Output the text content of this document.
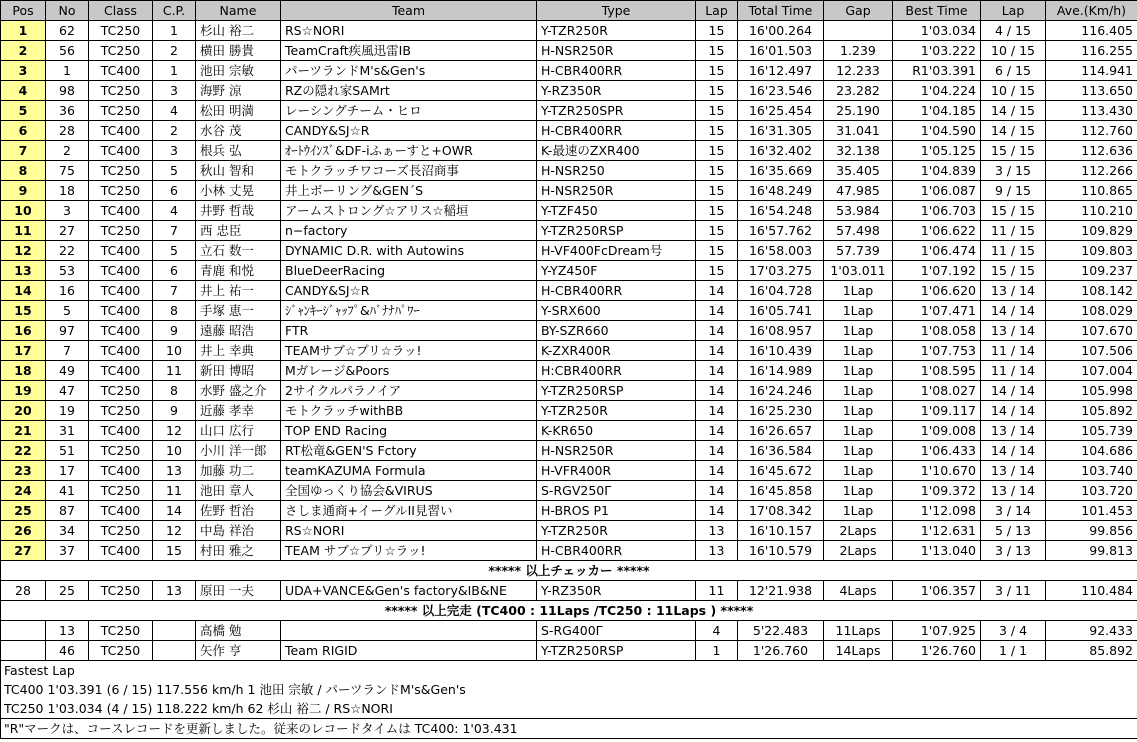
Pos	No	Class	C.P.	Name	Team	Type	Lap	Total Time	Gap	Best Time	Lap	Ave.(Km/h)
1	62	TC250	1	杉山 裕二	RS☆NORI	Y-TZR250R	15	16'00.264		1'03.034	4 / 15	116.405
2	56	TC250	2	横田 勝貴	TeamCraft疾風迅雷IB	H-NSR250R	15	16'01.503	1.239	1'03.222	10 / 15	116.255
3	1	TC400	1	池田 宗敏	パーツランドM's&Gen's	H-CBR400RR	15	16'12.497	12.233	R1'03.391	6 / 15	114.941
4	98	TC250	3	海野 涼	RZの隠れ家SAMrt	Y-RZ350R	15	16'23.546	23.282	1'04.224	10 / 15	113.650
5	36	TC250	4	松田 明満	レーシングチーム・ヒロ	Y-TZR250SPR	15	16'25.454	25.190	1'04.185	14 / 15	113.430
6	28	TC400	2	水谷 茂	CANDY&SJ☆R	H-CBR400RR	15	16'31.305	31.041	1'04.590	14 / 15	112.760
7	2	TC400	3	根兵 弘	ｵｰﾄｳｲﾝｽﾞ&DF-iふぁーすと+OWR	K-最速のZXR400	15	16'32.402	32.138	1'05.125	15 / 15	112.636
8	75	TC250	5	秋山 智和	モトクラッチワコーズ長沼商事	H-NSR250	15	16'35.669	35.405	1'04.839	3 / 15	112.266
9	18	TC250	6	小林 丈晃	井上ボーリング&GEN´S	H-NSR250R	15	16'48.249	47.985	1'06.087	9 / 15	110.865
10	3	TC400	4	井野 哲哉	アームストロング☆アリス☆稲垣	Y-TZF450	15	16'54.248	53.984	1'06.703	15 / 15	110.210
11	27	TC250	7	西 忠臣	n−factory	Y-TZR250RSP	15	16'57.762	57.498	1'06.622	11 / 15	109.829
12	22	TC400	5	立石 数一	DYNAMIC D.R. with Autowins	H-VF400FcDream号	15	16'58.003	57.739	1'06.474	11 / 15	109.803
13	53	TC400	6	青鹿 和悦	BlueDeerRacing	Y-YZ450F	15	17'03.275	1'03.011	1'07.192	15 / 15	109.237
14	16	TC400	7	井上 祐一	CANDY&SJ☆R	H-CBR400RR	14	16'04.728	1Lap	1'06.620	13 / 14	108.142
15	5	TC400	8	手塚 恵一	ｼﾞｬﾝｷｰｼﾞｬｯﾌﾟ&ﾊﾞﾅﾅﾊﾟﾜｰ	Y-SRX600	14	16'05.741	1Lap	1'07.471	14 / 14	108.029
16	97	TC400	9	遠藤 昭浩	FTR	BY-SZR660	14	16'08.957	1Lap	1'08.058	13 / 14	107.670
17	7	TC400	10	井上 幸典	TEAMサブ☆プリ☆ラッ!	K-ZXR400R	14	16'10.439	1Lap	1'07.753	11 / 14	107.506
18	49	TC400	11	新田 博昭	Mガレージ&Poors	H:CBR400RR	14	16'14.989	1Lap	1'08.595	11 / 14	107.004
19	47	TC250	8	水野 盛之介	2サイクルパラノイア	Y-TZR250RSP	14	16'24.246	1Lap	1'08.027	14 / 14	105.998
20	19	TC250	9	近藤 孝幸	モトクラッチwithBB	Y-TZR250R	14	16'25.230	1Lap	1'09.117	14 / 14	105.892
21	31	TC400	12	山口 広行	TOP END Racing	K-KR650	14	16'26.657	1Lap	1'09.008	13 / 14	105.739
22	51	TC250	10	小川 洋一郎	RT松竜&GEN'S Fctory	H-NSR250R	14	16'36.584	1Lap	1'06.433	14 / 14	104.686
23	17	TC400	13	加藤 功二	teamKAZUMA Formula	H-VFR400R	14	16'45.672	1Lap	1'10.670	13 / 14	103.740
24	41	TC250	11	池田 章人	全国ゆっくり協会&VIRUS	S-RGV250Γ	14	16'45.858	1Lap	1'09.372	13 / 14	103.720
25	87	TC400	14	佐野 哲治	さしま通商+イーグルII見習い	H-BROS P1	14	17'08.342	1Lap	1'12.098	3 / 14	101.453
26	34	TC250	12	中島 祥治	RS☆NORI	Y-TZR250R	13	16'10.157	2Laps	1'12.631	5 / 13	99.856
27	37	TC400	15	村田 雅之	TEAM サブ☆プリ☆ラッ!	H-CBR400RR	13	16'10.579	2Laps	1'13.040	3 / 13	99.813
***** 以上チェッカー *****												
28	25	TC250	13	原田 一夫	UDA+VANCE&Gen's factory&IB&NE	Y-RZ350R	11	12'21.938	4Laps	1'06.357	3 / 11	110.484
***** 以上完走 (TC400 : 11Laps /TC250 : 11Laps ) *****												
	13	TC250		高橋 勉		S-RG400Γ	4	5'22.483	11Laps	1'07.925	3 / 4	92.433
	46	TC250		矢作 亨	Team RIGID	Y-TZR250RSP	1	1'26.760	14Laps	1'26.760	1 / 1	85.892
Fastest Lap												
TC400 1'03.391 (6 / 15) 117.556 km/h 1 池田 宗敏 / パーツランドM's&Gen's												
TC250 1'03.034 (4 / 15) 118.222 km/h 62 杉山 裕二 / RS☆NORI												
"R"マークは、コースレコードを更新しました。従来のレコードタイムは TC400: 1'03.431												
